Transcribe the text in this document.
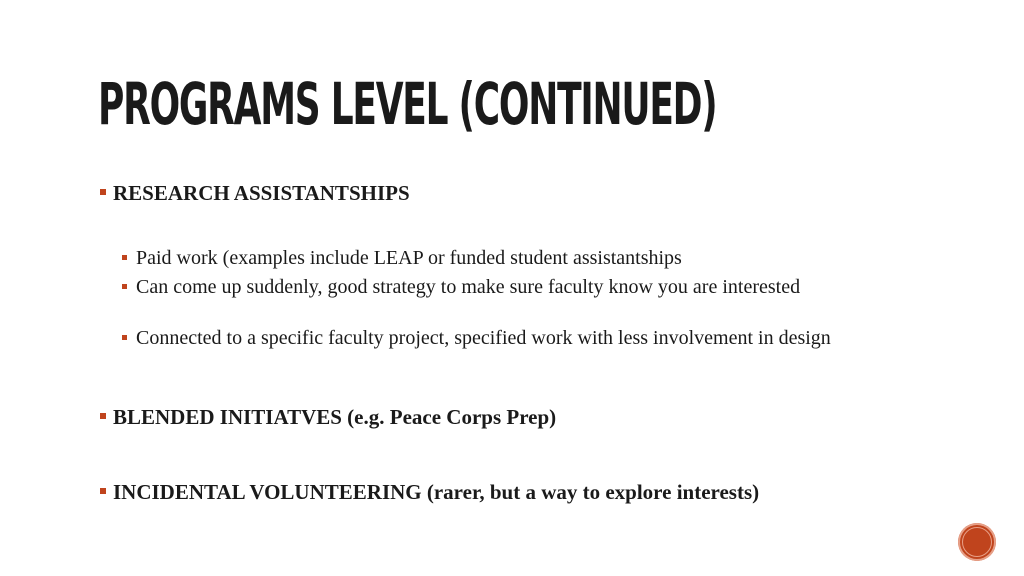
PROGRAMS LEVEL (CONTINUED)
RESEARCH ASSISTANTSHIPS
Paid work (examples include LEAP or funded student assistantships
Can come up suddenly, good strategy to make sure faculty know you are interested
Connected to a specific faculty project, specified work with less involvement in design
BLENDED INITIATVES (e.g. Peace Corps Prep)
INCIDENTAL VOLUNTEERING (rarer, but a way to explore interests)
